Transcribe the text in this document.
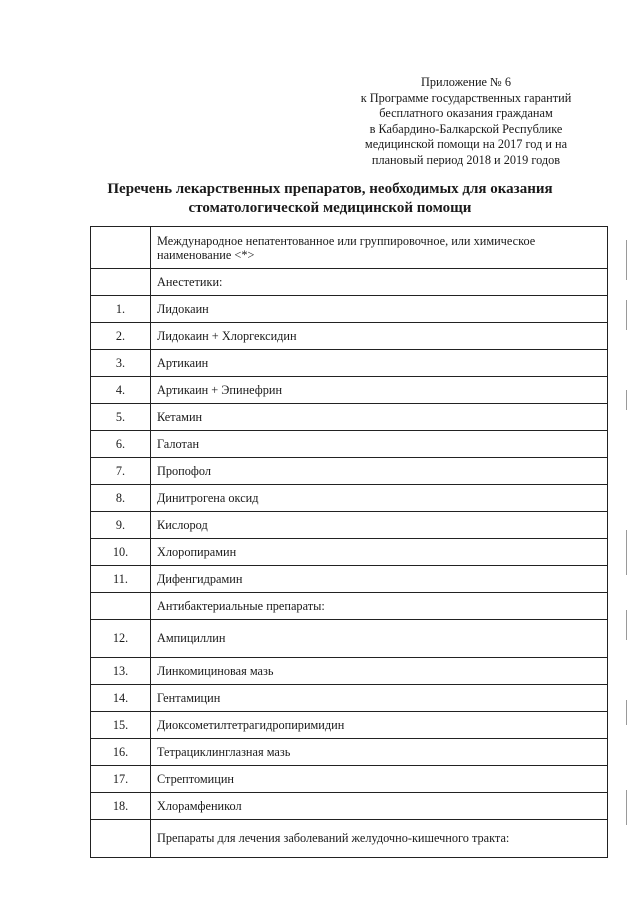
Приложение № 6
к Программе государственных гарантий
бесплатного оказания гражданам
в Кабардино-Балкарской Республике
медицинской помощи на 2017 год и на
плановый период 2018 и 2019 годов
Перечень лекарственных препаратов, необходимых для оказания
стоматологической медицинской помощи
	Международное непатентованное или группировочное, или химическое наименование <*>
	Анестетики:
1.	Лидокаин
2.	Лидокаин + Хлоргексидин
3.	Артикаин
4.	Артикаин + Эпинефрин
5.	Кетамин
6.	Галотан
7.	Пропофол
8.	Динитрогена оксид
9.	Кислород
10.	Хлоропирамин
11.	Дифенгидрамин
	Антибактериальные препараты:
12.	Ампициллин
13.	Линкомициновая мазь
14.	Гентамицин
15.	Диоксометилтетрагидропиримидин
16.	Тетрациклинглазная мазь
17.	Стрептомицин
18.	Хлорамфеникол
	Препараты для лечения заболеваний желудочно-кишечного тракта:
